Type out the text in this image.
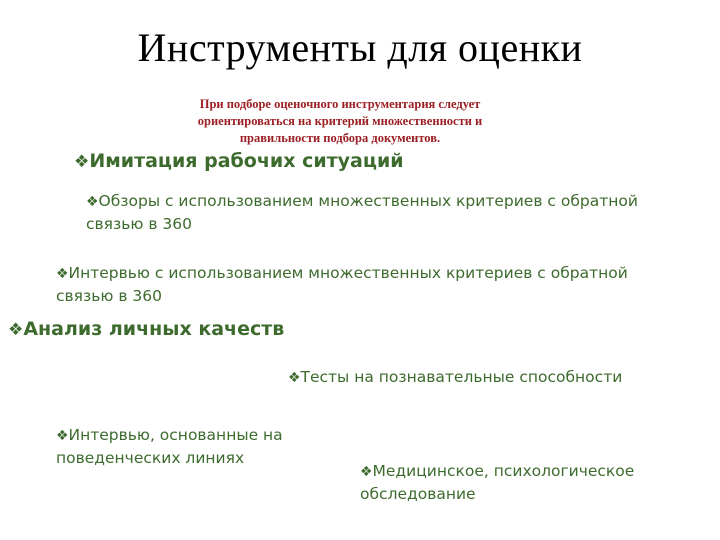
Инструменты для оценки
При подборе оценочного инструментария следует
ориентироваться на критерий множественности и
правильности подбора документов.
❖Имитация рабочих ситуаций
❖Обзоры с использованием множественных критериев с обратной
связью в 360
❖Интервью с использованием множественных критериев с обратной
связью в 360
❖Анализ личных качеств
❖Тесты на познавательные способности
❖Интервью, основанные на
поведенческих линиях
❖Медицинское, психологическое
обследование
